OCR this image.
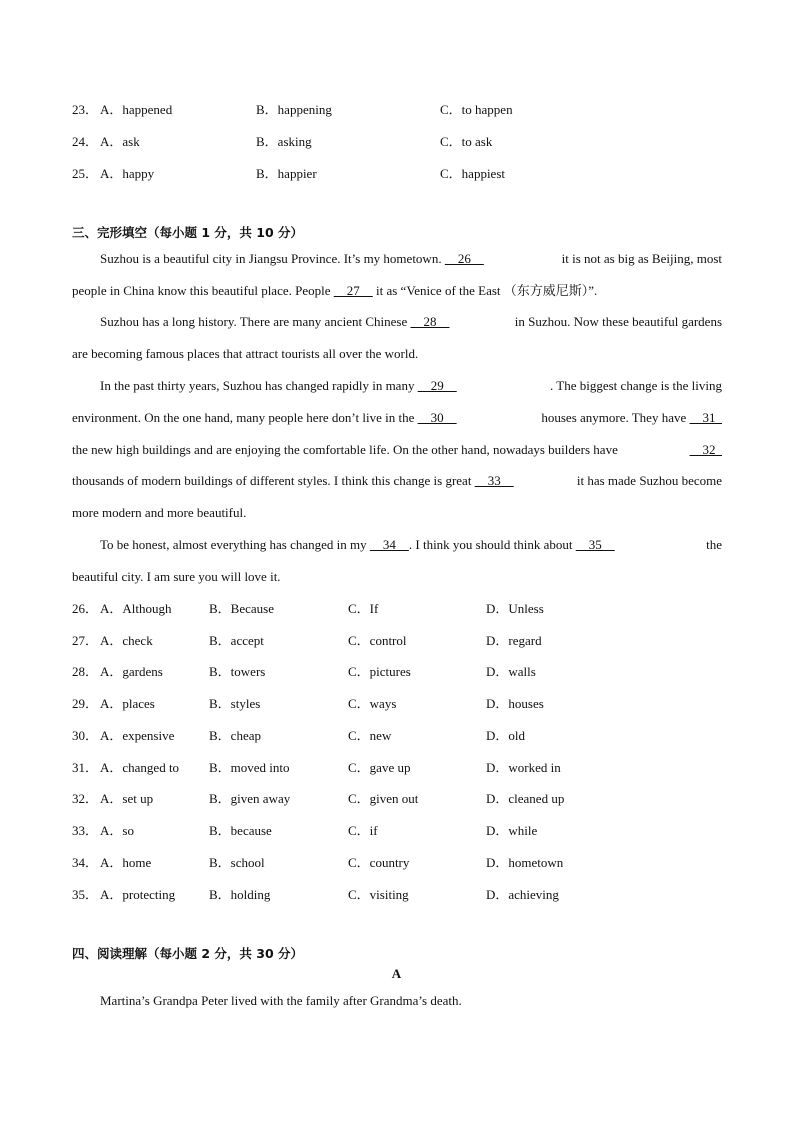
23． A．happened	B．happening	C．to happen
24． A．ask	B．asking	C．to ask
25． A．happy	B．happier	C．happiest
三、完形填空（每小题 1 分，共 10 分）
Suzhou is a beautiful city in Jiangsu Province. It’s my hometown.     26	it is not as big as Beijing, most
people in China know this beautiful place. People     27     it as “Venice of the East （东方威尼斯）”.
Suzhou has a long history. There are many ancient Chinese     28	in Suzhou. Now these beautiful gardens
are becoming famous places that attract tourists all over the world.
In the past thirty years, Suzhou has changed rapidly in many     29	. The biggest change is the living
environment. On the one hand, many people here don’t live in the     30	houses anymore. They have     31
the new high buildings and are enjoying the comfortable life. On the other hand, nowadays builders have	32
thousands of modern buildings of different styles. I think this change is great     33	it has made Suzhou become
more modern and more beautiful.
To be honest, almost everything has changed in my     34    . I think you should think about     35	the
beautiful city. I am sure you will love it.
26． A．Although	B．Because	C．If	D．Unless
27． A．check	B．accept	C．control	D．regard
28． A．gardens	B．towers	C．pictures	D．walls
29． A．places	B．styles	C．ways	D．houses
30． A．expensive	B．cheap	C．new	D．old
31． A．changed to B．moved into	C．gave up	D．worked in
32． A．set up	B．given away	C．given out	D．cleaned up
33． A．so	B．because	C．if	D．while
34． A．home	B．school	C．country	D．hometown
35． A．protecting	B．holding	C．visiting	D．achieving
四、阅读理解（每小题 2 分，共 30 分）
A
Martina’s Grandpa Peter lived with the family after Grandma’s death.
